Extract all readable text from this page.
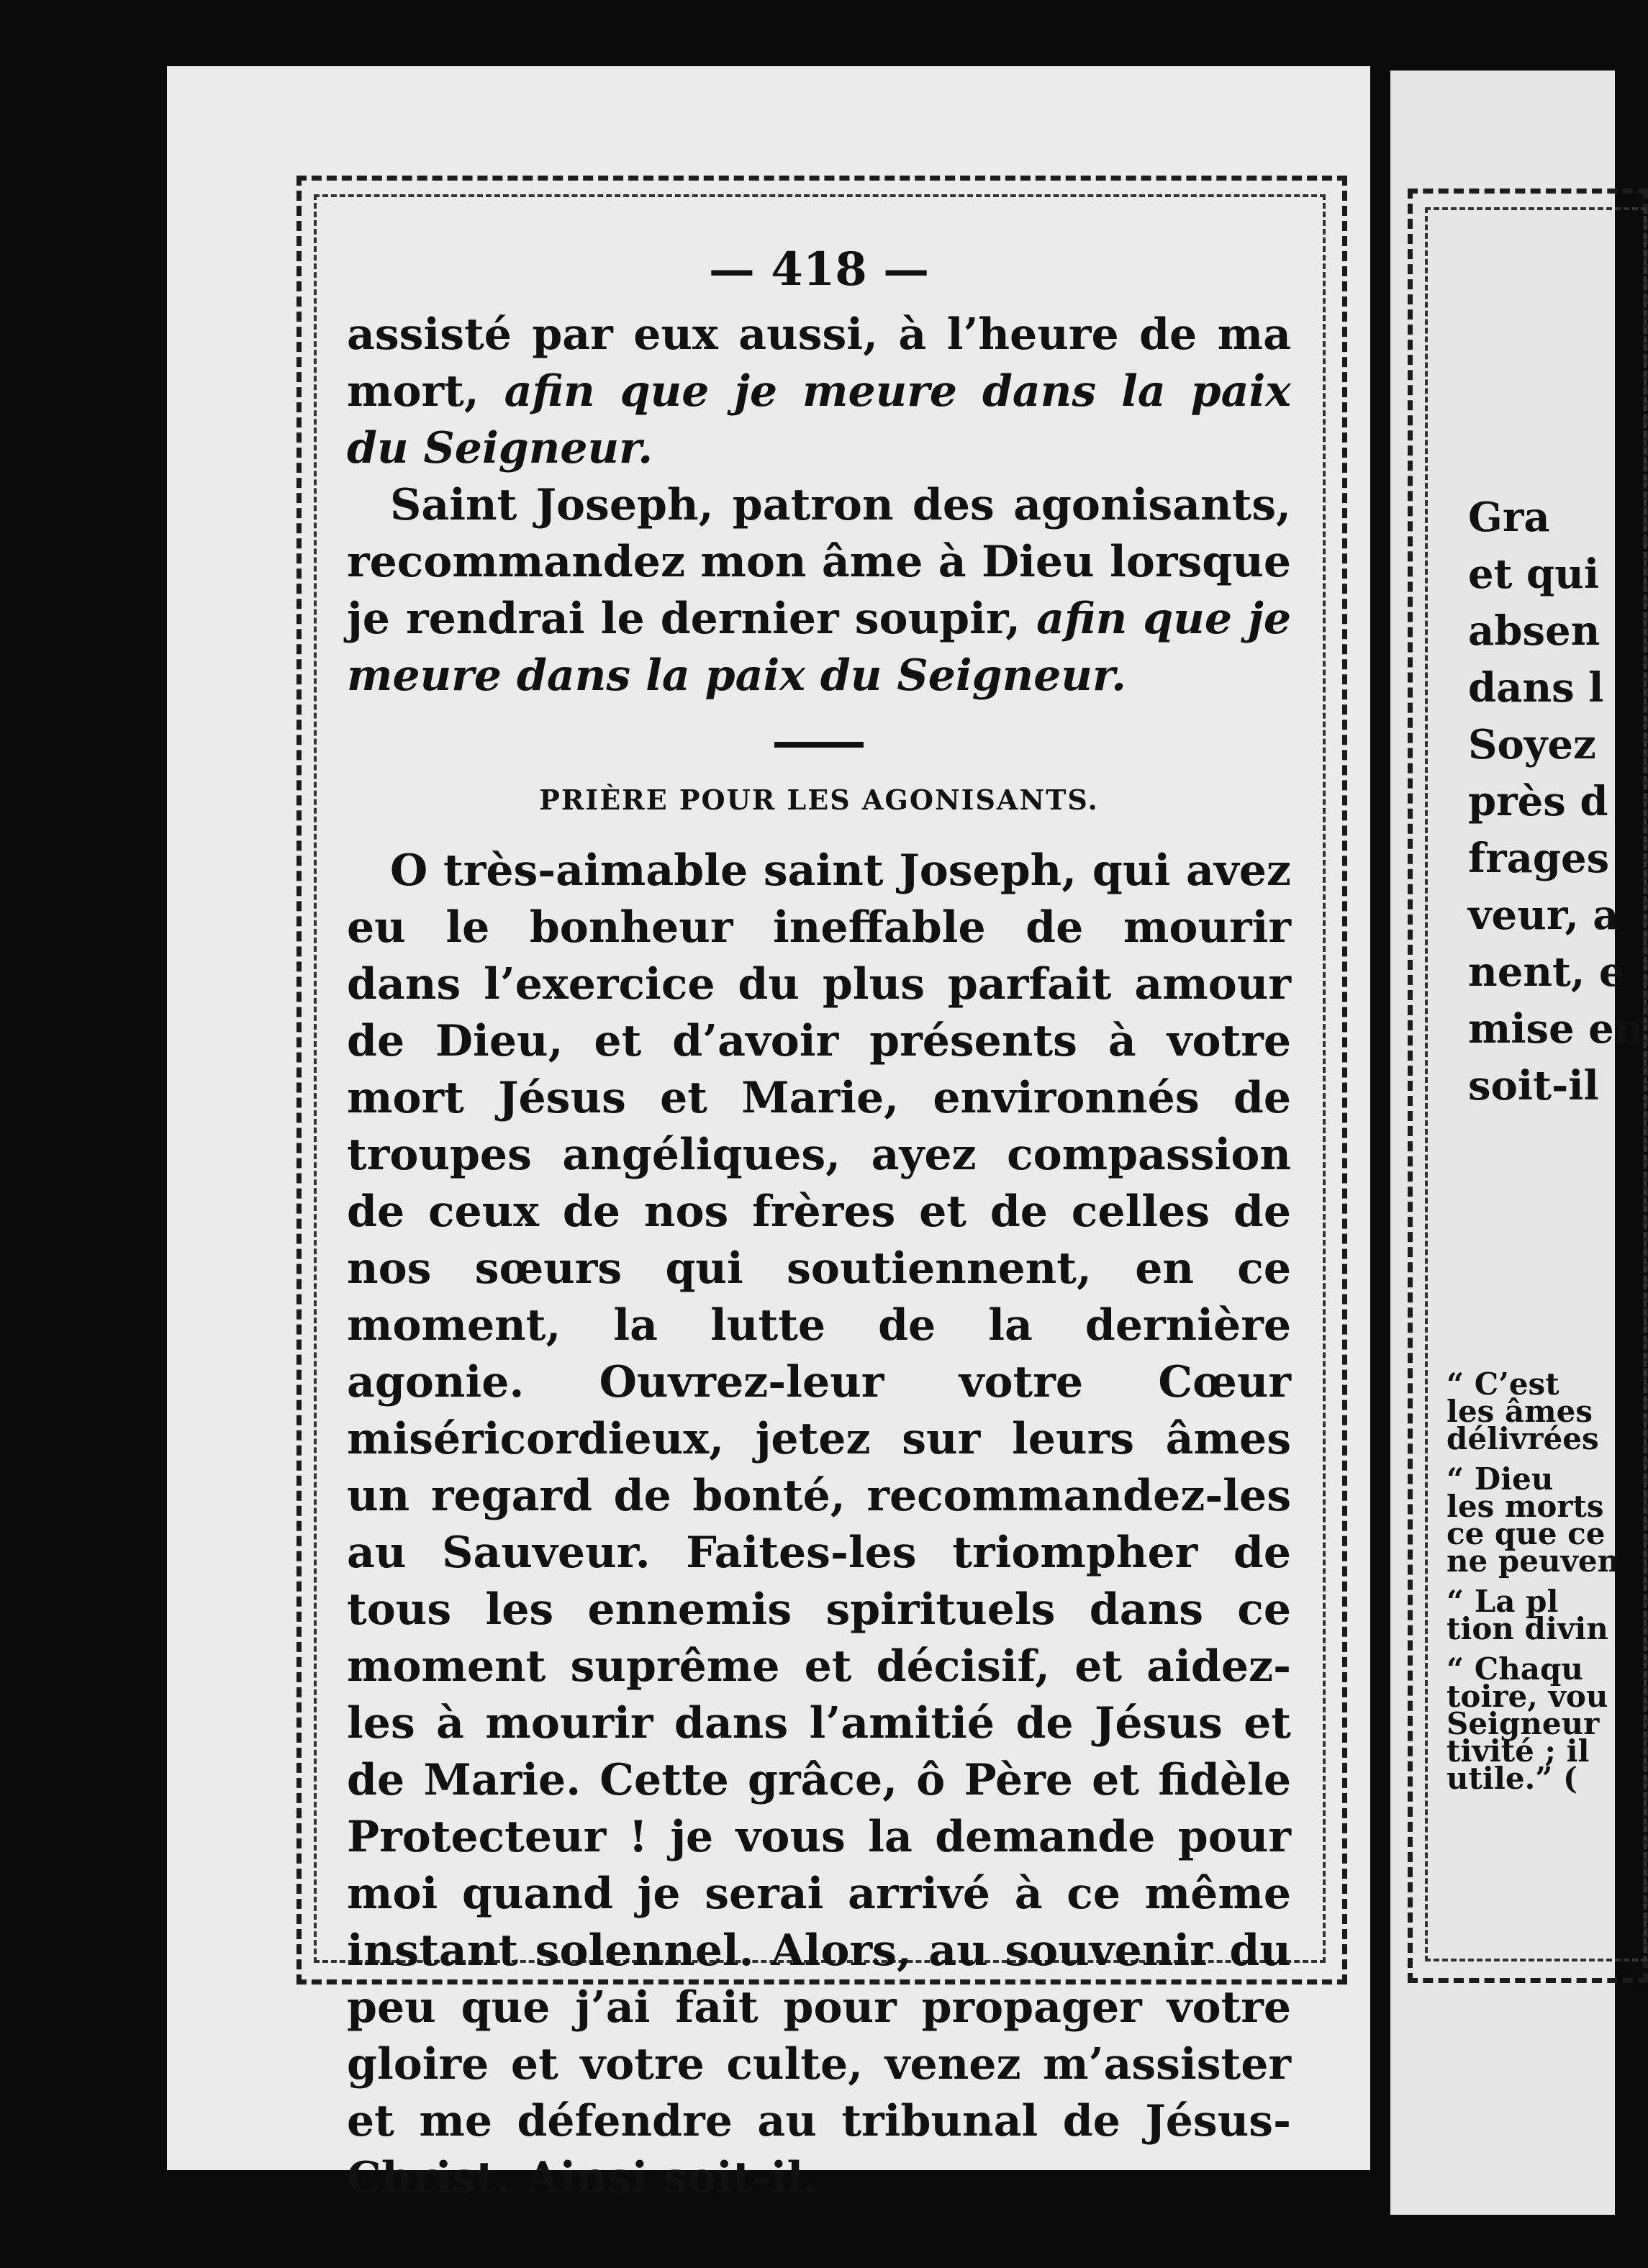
— 418 —

assisté par eux aussi, à l’heure de ma mort, afin que je meure dans la paix du Seigneur.

Saint Joseph, patron des agonisants, recommandez mon âme à Dieu lorsque je rendrai le dernier soupir, afin que je meure dans la paix du Seigneur.

PRIÈRE POUR LES AGONISANTS.

O très-aimable saint Joseph, qui avez eu le bonheur ineffable de mourir dans l’exercice du plus parfait amour de Dieu, et d’avoir présents à votre mort Jésus et Marie, environnés de troupes angéliques, ayez compassion de ceux de nos frères et de celles de nos sœurs qui soutiennent, en ce moment, la lutte de la dernière agonie. Ouvrez-leur votre Cœur miséricordieux, jetez sur leurs âmes un regard de bonté, recommandez-les au Sauveur. Faites-les triompher de tous les ennemis spirituels dans ce moment suprême et décisif, et aidez-les à mourir dans l’amitié de Jésus et de Marie. Cette grâce, ô Père et fidèle Protecteur ! je vous la demande pour moi quand je serai arrivé à ce même instant solennel. Alors, au souvenir du peu que j’ai fait pour propager votre gloire et votre culte, venez m’assister et me défendre au tribunal de Jésus-Christ. Ainsi soit-il.

Gra
et qui
absen
dans l
Soyez
près d
frages
veur, a
nent, e
mise en
soit-il
“ C’est
les âmes
délivrées
“ Dieu
les morts
ce que ce
ne peuven
“ La pl
tion divin
“ Chaqu
toire, vou
Seigneur
tivité ; il
utile.” (
